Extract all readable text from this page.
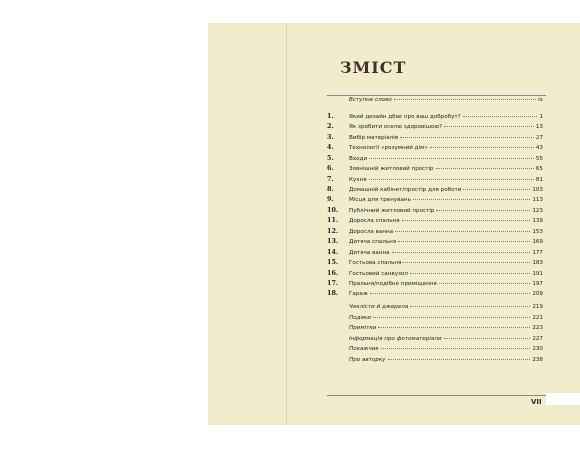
ЗМІСТ
Вступне слово	іх
1.	Який дизайн дбає про ваш добробут?	1
2.	Як зробити оселю здоровішою?	13
3.	Вибір матеріалів	27
4.	Технології «розумний дім»	43
5.	Входи	55
6.	Зовнішній житловий простір	65
7.	Кухня	81
8.	Домашній кабінет/простір для роботи	103
9.	Місця для тренувань	113
10.	Публічний житловий простір	123
11.	Доросла спальня	139
12.	Доросла ванна	153
13.	Дитяча спальня	169
14.	Дитяча ванна	177
15.	Гостьова спальня	183
16.	Гостьовий санвузол	191
17.	Пральня/подібне приміщення	197
18.	Гараж	209
Чекліcти й джерела	219
Подяки	221
Примітки	223
Інформація про фотоматеріали	227
Покажчик	230
Про авторку	238
VII
